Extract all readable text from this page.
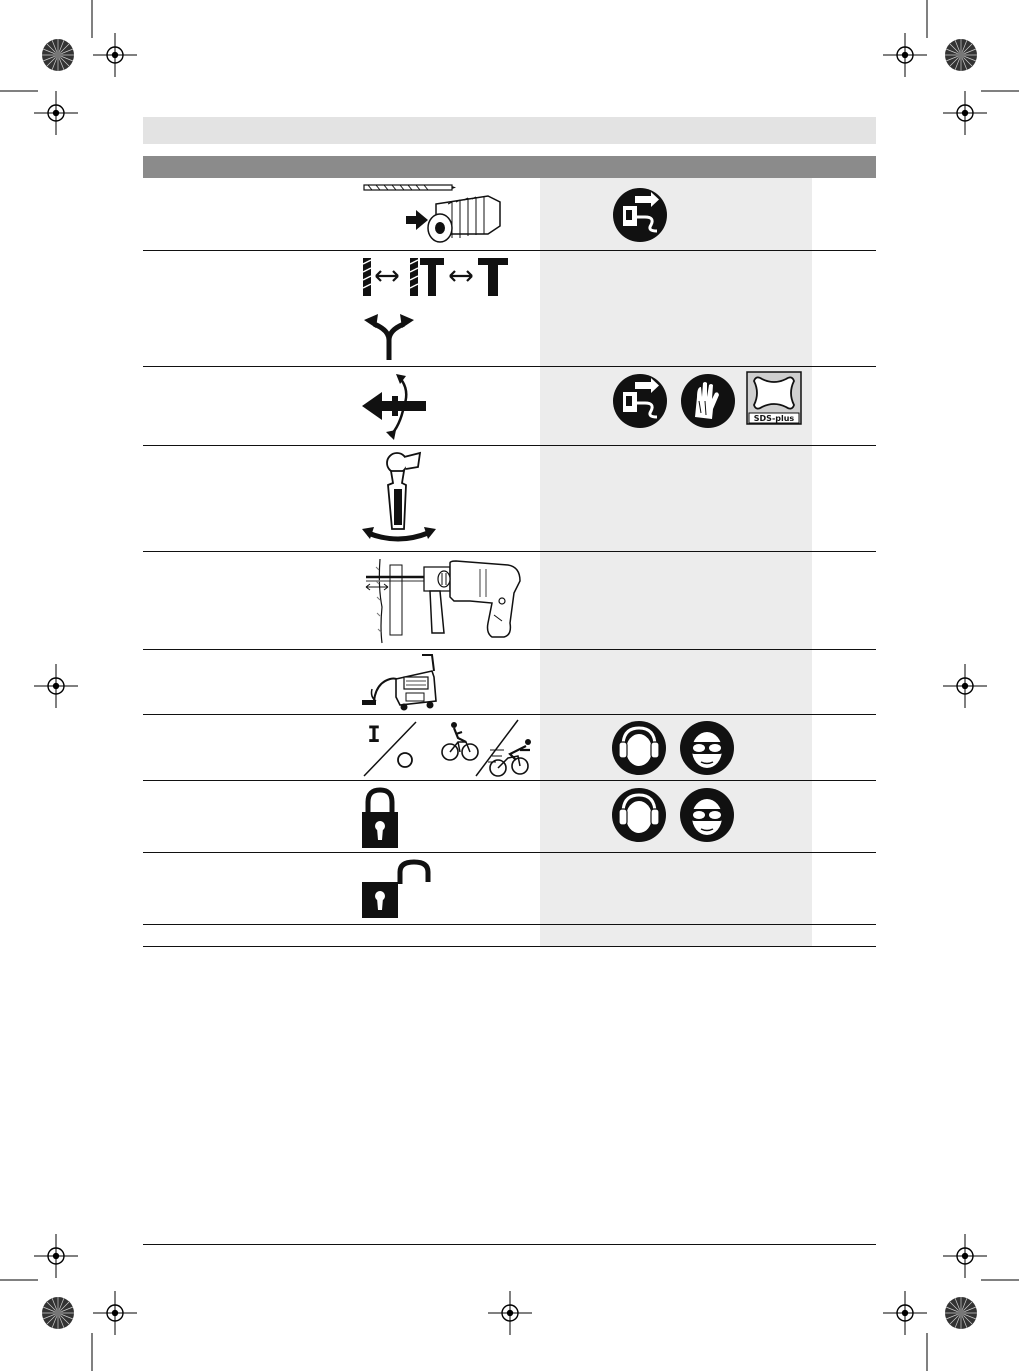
SDS-plus
I
